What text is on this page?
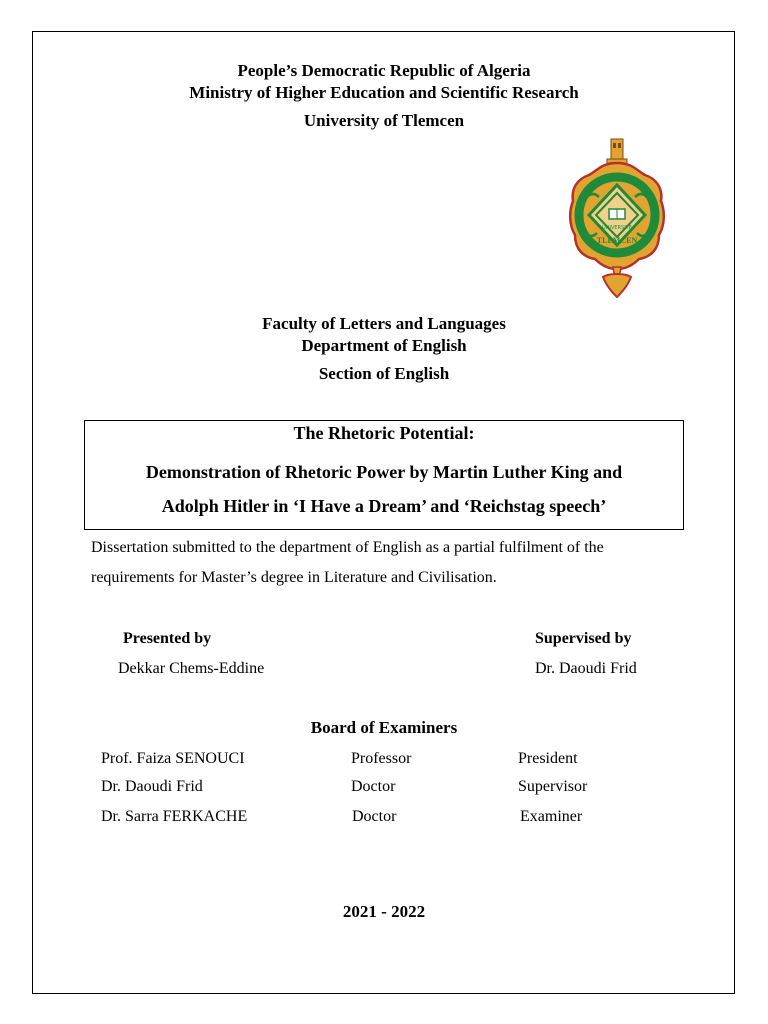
People’s Democratic Republic of Algeria
Ministry of Higher Education and Scientific Research
University of Tlemcen
UNIVERSITÉ
TLEMCEN
Faculty of Letters and Languages
Department of English
Section of English
The Rhetoric Potential:
Demonstration of Rhetoric Power by Martin Luther King and
Adolph Hitler in ‘I Have a Dream’ and ‘Reichstag speech’
Dissertation submitted to the department of English as a partial fulfilment of the
requirements for Master’s degree in Literature and Civilisation.
Presented by
Dekkar Chems-Eddine
Supervised by
Dr. Daoudi Frid
Board of Examiners
Prof. Faiza SENOUCI	Professor	President
Dr. Daoudi Frid	Doctor	Supervisor
Dr. Sarra FERKACHE	Doctor	Examiner
2021 - 2022
